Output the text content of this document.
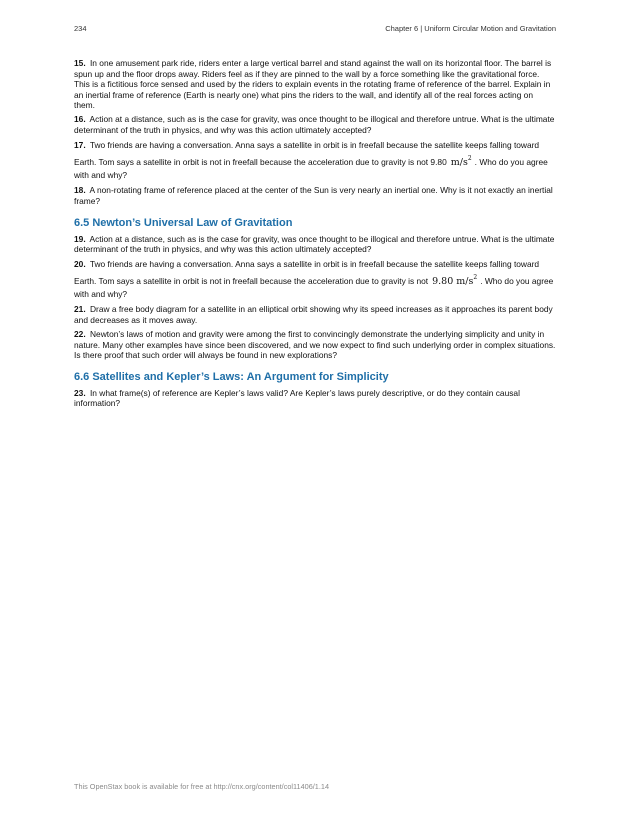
234	Chapter 6 | Uniform Circular Motion and Gravitation

15. In one amusement park ride, riders enter a large vertical barrel and stand against the wall on its horizontal floor. The barrel is spun up and the floor drops away. Riders feel as if they are pinned to the wall by a force something like the gravitational force. This is a fictitious force sensed and used by the riders to explain events in the rotating frame of reference of the barrel. Explain in an inertial frame of reference (Earth is nearly one) what pins the riders to the wall, and identify all of the real forces acting on them.

16. Action at a distance, such as is the case for gravity, was once thought to be illogical and therefore untrue. What is the ultimate determinant of the truth in physics, and why was this action ultimately accepted?

17. Two friends are having a conversation. Anna says a satellite in orbit is in freefall because the satellite keeps falling toward Earth. Tom says a satellite in orbit is not in freefall because the acceleration due to gravity is not 9.80 $m/s^2$ . Who do you agree with and why?

18. A non-rotating frame of reference placed at the center of the Sun is very nearly an inertial one. Why is it not exactly an inertial frame?

6.5 Newton’s Universal Law of Gravitation

19. Action at a distance, such as is the case for gravity, was once thought to be illogical and therefore untrue. What is the ultimate determinant of the truth in physics, and why was this action ultimately accepted?

20. Two friends are having a conversation. Anna says a satellite in orbit is in freefall because the satellite keeps falling toward Earth. Tom says a satellite in orbit is not in freefall because the acceleration due to gravity is not 9.80 $m/s^2$ . Who do you agree with and why?

21. Draw a free body diagram for a satellite in an elliptical orbit showing why its speed increases as it approaches its parent body and decreases as it moves away.

22. Newton’s laws of motion and gravity were among the first to convincingly demonstrate the underlying simplicity and unity in nature. Many other examples have since been discovered, and we now expect to find such underlying order in complex situations. Is there proof that such order will always be found in new explorations?

6.6 Satellites and Kepler’s Laws: An Argument for Simplicity

23. In what frame(s) of reference are Kepler’s laws valid? Are Kepler’s laws purely descriptive, or do they contain causal information?

This OpenStax book is available for free at http://cnx.org/content/col11406/1.14
